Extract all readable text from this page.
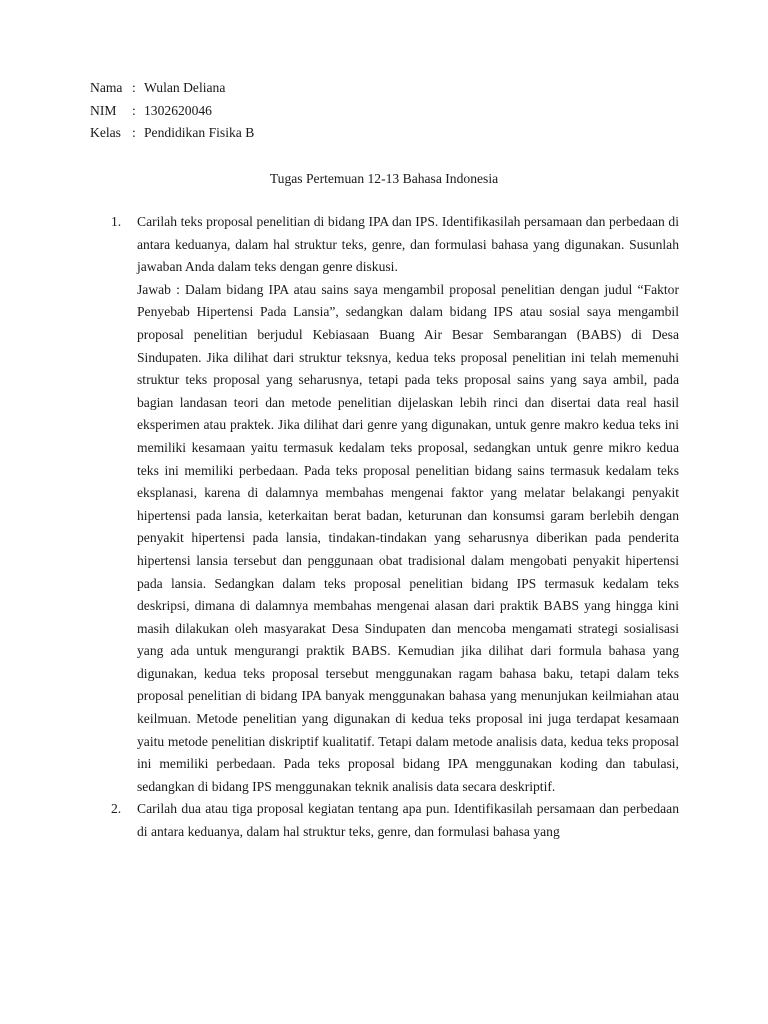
Nama : Wulan Deliana
NIM : 1302620046
Kelas : Pendidikan Fisika B
Tugas Pertemuan 12-13 Bahasa Indonesia
1. Carilah teks proposal penelitian di bidang IPA dan IPS. Identifikasilah persamaan dan perbedaan di antara keduanya, dalam hal struktur teks, genre, dan formulasi bahasa yang digunakan. Susunlah jawaban Anda dalam teks dengan genre diskusi.

Jawab : Dalam bidang IPA atau sains saya mengambil proposal penelitian dengan judul “Faktor Penyebab Hipertensi Pada Lansia”, sedangkan dalam bidang IPS atau sosial saya mengambil proposal penelitian berjudul Kebiasaan Buang Air Besar Sembarangan (BABS) di Desa Sindupaten. Jika dilihat dari struktur teksnya, kedua teks proposal penelitian ini telah memenuhi struktur teks proposal yang seharusnya, tetapi pada teks proposal sains yang saya ambil, pada bagian landasan teori dan metode penelitian dijelaskan lebih rinci dan disertai data real hasil eksperimen atau praktek. Jika dilihat dari genre yang digunakan, untuk genre makro kedua teks ini memiliki kesamaan yaitu termasuk kedalam teks proposal, sedangkan untuk genre mikro kedua teks ini memiliki perbedaan. Pada teks proposal penelitian bidang sains termasuk kedalam teks eksplanasi, karena di dalamnya membahas mengenai faktor yang melatar belakangi penyakit hipertensi pada lansia, keterkaitan berat badan, keturunan dan konsumsi garam berlebih dengan penyakit hipertensi pada lansia, tindakan-tindakan yang seharusnya diberikan pada penderita hipertensi lansia tersebut dan penggunaan obat tradisional dalam mengobati penyakit hipertensi pada lansia. Sedangkan dalam teks proposal penelitian bidang IPS termasuk kedalam teks deskripsi, dimana di dalamnya membahas mengenai alasan dari praktik BABS yang hingga kini masih dilakukan oleh masyarakat Desa Sindupaten dan mencoba mengamati strategi sosialisasi yang ada untuk mengurangi praktik BABS. Kemudian jika dilihat dari formula bahasa yang digunakan, kedua teks proposal tersebut menggunakan ragam bahasa baku, tetapi dalam teks proposal penelitian di bidang IPA banyak menggunakan bahasa yang menunjukan keilmiahan atau keilmuan. Metode penelitian yang digunakan di kedua teks proposal ini juga terdapat kesamaan yaitu metode penelitian diskriptif kualitatif. Tetapi dalam metode analisis data, kedua teks proposal ini memiliki perbedaan. Pada teks proposal bidang IPA menggunakan koding dan tabulasi, sedangkan di bidang IPS menggunakan teknik analisis data secara deskriptif.

2. Carilah dua atau tiga proposal kegiatan tentang apa pun. Identifikasilah persamaan dan perbedaan di antara keduanya, dalam hal struktur teks, genre, dan formulasi bahasa yang
